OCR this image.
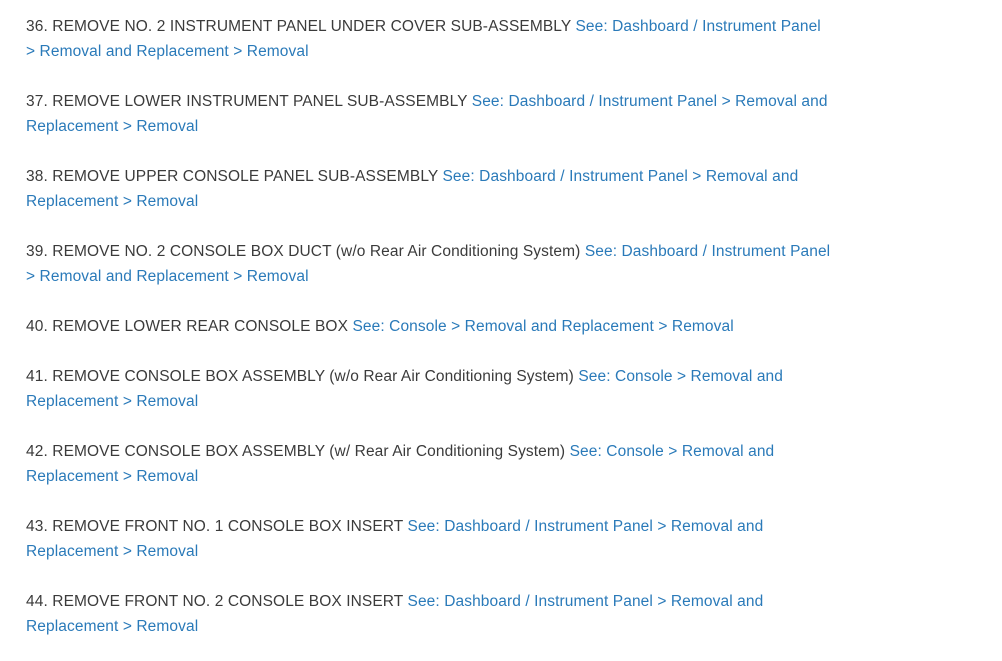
36. REMOVE NO. 2 INSTRUMENT PANEL UNDER COVER SUB-ASSEMBLY See: Dashboard / Instrument Panel > Removal and Replacement > Removal

37. REMOVE LOWER INSTRUMENT PANEL SUB-ASSEMBLY See: Dashboard / Instrument Panel > Removal and Replacement > Removal

38. REMOVE UPPER CONSOLE PANEL SUB-ASSEMBLY See: Dashboard / Instrument Panel > Removal and Replacement > Removal

39. REMOVE NO. 2 CONSOLE BOX DUCT (w/o Rear Air Conditioning System) See: Dashboard / Instrument Panel > Removal and Replacement > Removal

40. REMOVE LOWER REAR CONSOLE BOX See: Console > Removal and Replacement > Removal

41. REMOVE CONSOLE BOX ASSEMBLY (w/o Rear Air Conditioning System) See: Console > Removal and Replacement > Removal

42. REMOVE CONSOLE BOX ASSEMBLY (w/ Rear Air Conditioning System) See: Console > Removal and Replacement > Removal

43. REMOVE FRONT NO. 1 CONSOLE BOX INSERT See: Dashboard / Instrument Panel > Removal and Replacement > Removal

44. REMOVE FRONT NO. 2 CONSOLE BOX INSERT See: Dashboard / Instrument Panel > Removal and Replacement > Removal
